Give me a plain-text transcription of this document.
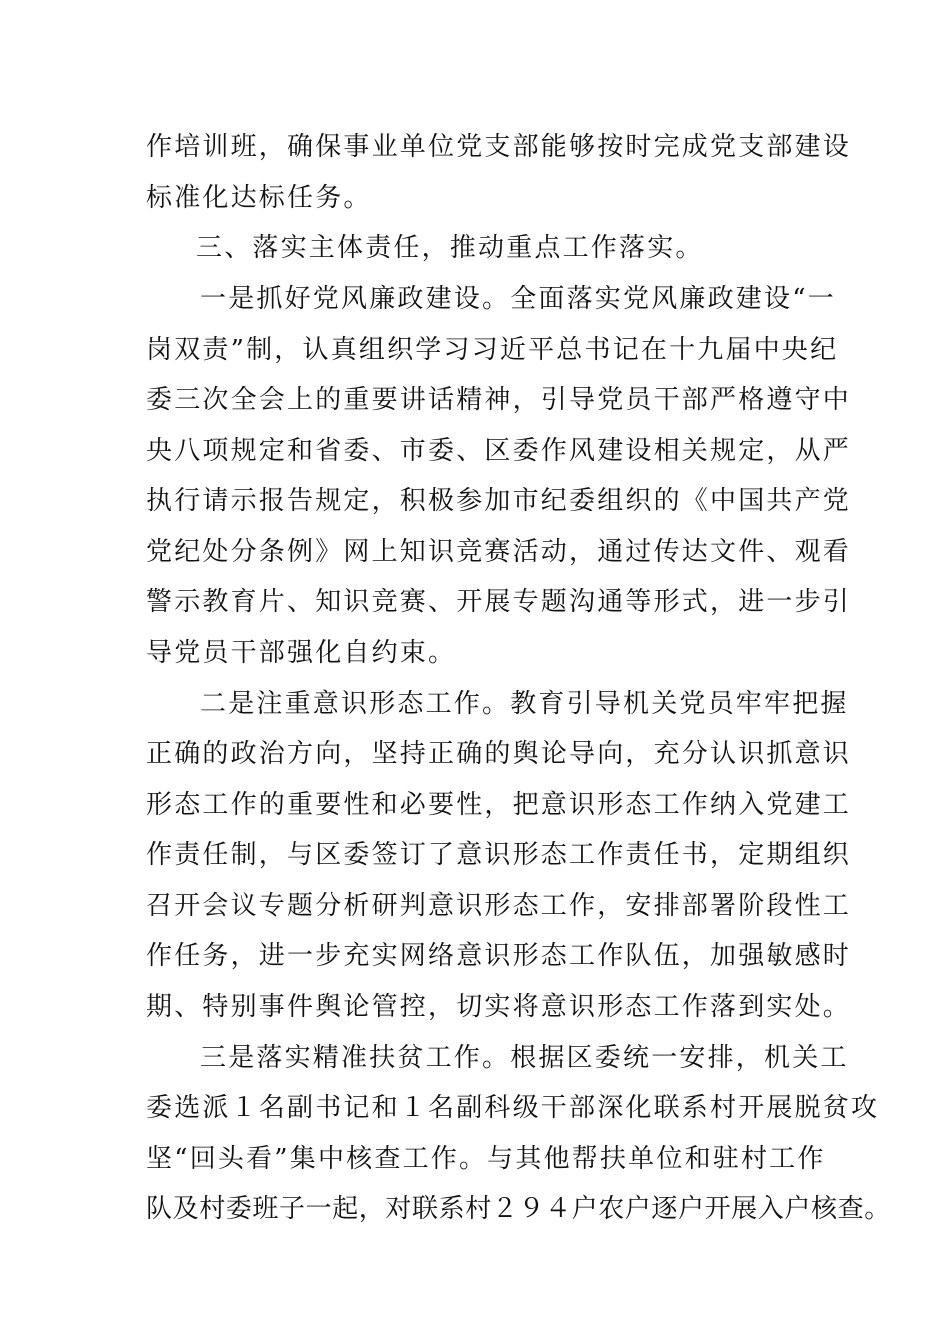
作培训班，确保事业单位党支部能够按时完成党支部建设
标准化达标任务。
三、落实主体责任，推动重点工作落实。
一是抓好党风廉政建设。全面落实党风廉政建设“一
岗双责”制，认真组织学习习近平总书记在十九届中央纪
委三次全会上的重要讲话精神，引导党员干部严格遵守中
央八项规定和省委、市委、区委作风建设相关规定，从严
执行请示报告规定，积极参加市纪委组织的《中国共产党
党纪处分条例》网上知识竞赛活动，通过传达文件、观看
警示教育片、知识竞赛、开展专题沟通等形式，进一步引
导党员干部强化自约束。
二是注重意识形态工作。教育引导机关党员牢牢把握
正确的政治方向，坚持正确的舆论导向，充分认识抓意识
形态工作的重要性和必要性，把意识形态工作纳入党建工
作责任制，与区委签订了意识形态工作责任书，定期组织
召开会议专题分析研判意识形态工作，安排部署阶段性工
作任务，进一步充实网络意识形态工作队伍，加强敏感时
期、特别事件舆论管控，切实将意识形态工作落到实处。
三是落实精准扶贫工作。根据区委统一安排，机关工
委选派１名副书记和１名副科级干部深化联系村开展脱贫攻
坚“回头看”集中核查工作。与其他帮扶单位和驻村工作
队及村委班子一起，对联系村２９４户农户逐户开展入户核查。
